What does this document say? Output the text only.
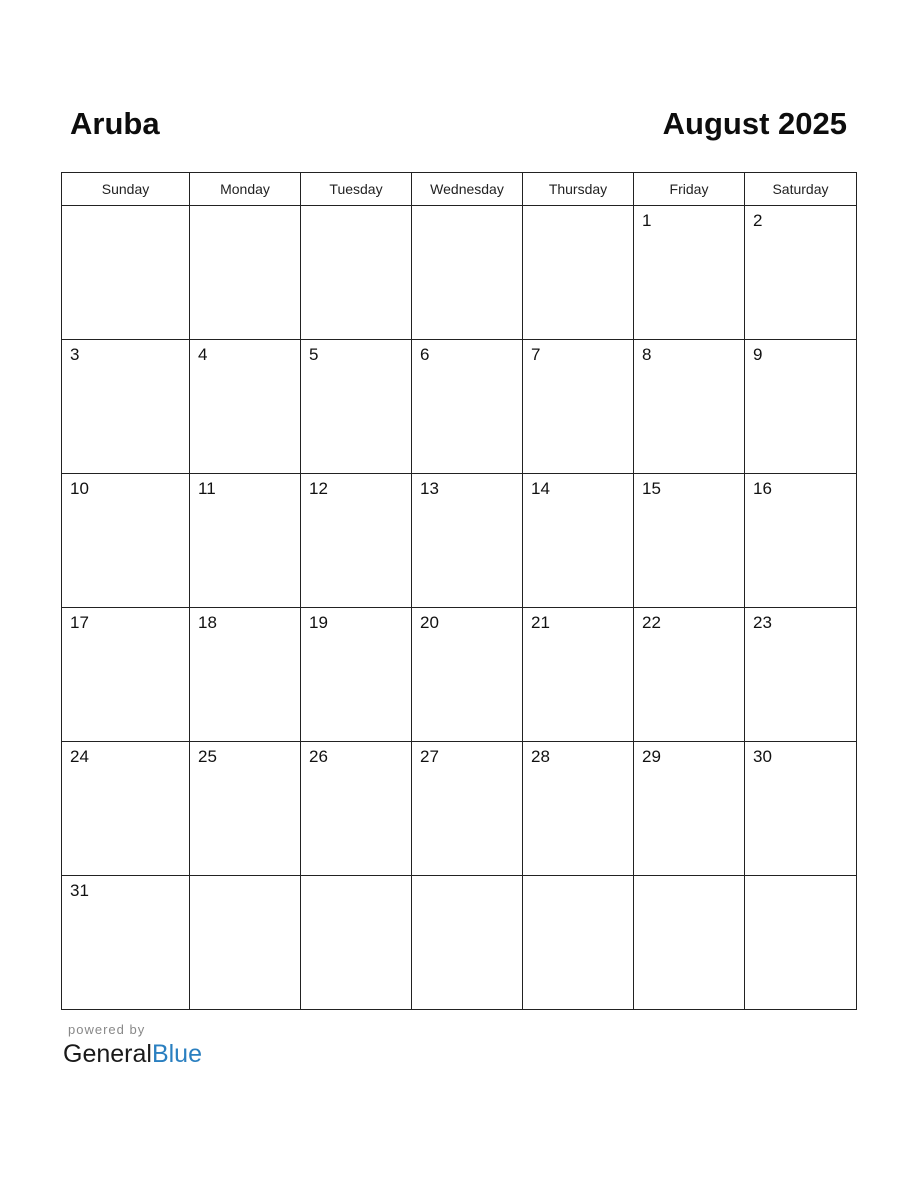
Aruba	August 2025
Sunday	Monday	Tuesday	Wednesday	Thursday	Friday	Saturday

					1	2

3	4	5	6	7	8	9

10	11	12	13	14	15	16

17	18	19	20	21	22	23

24	25	26	27	28	29	30

31						

powered by
GeneralBlue
